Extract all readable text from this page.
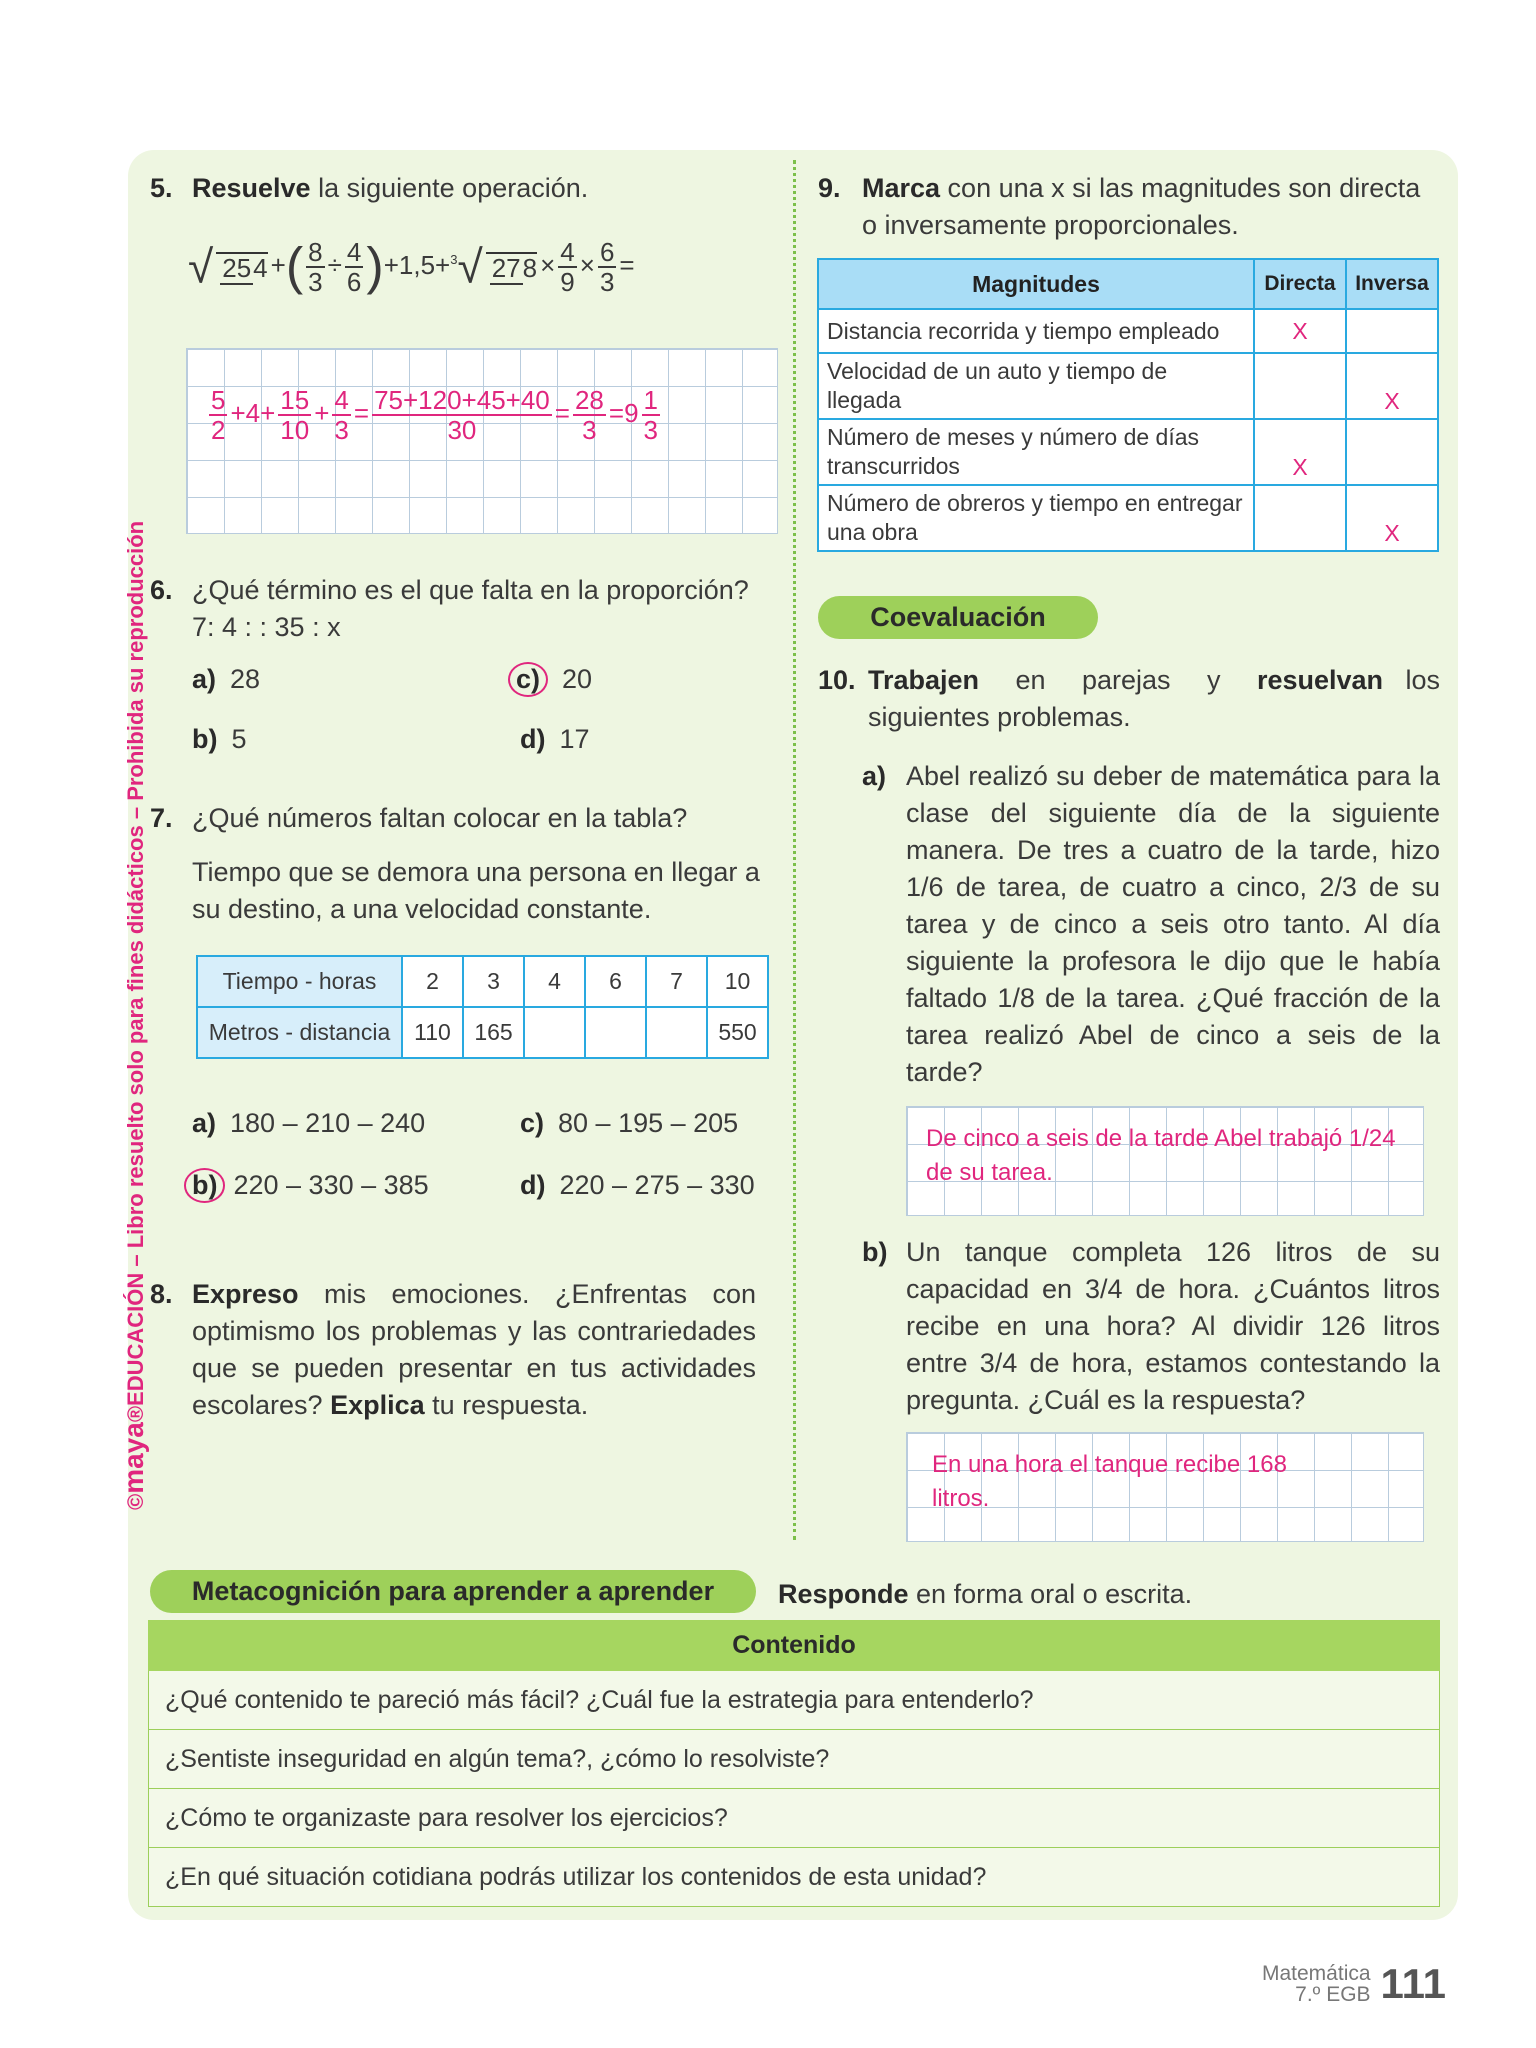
©maya®EDUCACIÓN – Libro resuelto solo para fines didácticos – Prohibida su reproducción
5. Resuelve la siguiente operación.
√ 254 +( $\frac{8}{3} \div \frac{4}{6} )+1,5+^3√$ $278 \times \frac{4}{9} \times \frac{6}{3}$ =
$\frac{5}{2} +4+ \frac{15}{10} + \frac{4}{3} = \frac{75+120+45+40}{30} = \frac{28}{3} =9 \frac{1}{3}$
6. ¿Qué término es el que falta en la proporción?
7: 4 : : 35 : x
a) 28
b) 5
c) 20
d) 17
7. ¿Qué números faltan colocar en la tabla?
Tiempo que se demora una persona en llegar a su destino, a una velocidad constante.
Tiempo - horas	2	3	4	6	7	10
Metros - distancia	110	165				550
a) 180 – 210 – 240
b) 220 – 330 – 385
c) 80 – 195 – 205
d) 220 – 275 – 330
8. Expreso mis emociones. ¿Enfrentas con optimismo los problemas y las contrariedades que se pueden presentar en tus actividades escolares? Explica tu respuesta.
9. Marca con una x si las magnitudes son directa o inversamente proporcionales.
Magnitudes	Directa	Inversa
Distancia recorrida y tiempo empleado	X	
Velocidad de un auto y tiempo de llegada		X
Número de meses y número de días transcurridos	X	
Número de obreros y tiempo en entregar una obra		X
Coevaluación
10. Trabajen en parejas y resuelvan los siguientes problemas.
a) Abel realizó su deber de matemática para la clase del siguiente día de la siguiente manera. De tres a cuatro de la tarde, hizo 1/6 de tarea, de cuatro a cinco, 2/3 de su tarea y de cinco a seis otro tanto. Al día siguiente la profesora le dijo que le había faltado 1/8 de la tarea. ¿Qué fracción de la tarea realizó Abel de cinco a seis de la tarde?
De cinco a seis de la tarde Abel trabajó 1/24 de su tarea.
b) Un tanque completa 126 litros de su capacidad en 3/4 de hora. ¿Cuántos litros recibe en una hora? Al dividir 126 litros entre 3/4 de hora, estamos contestando la pregunta. ¿Cuál es la respuesta?
En una hora el tanque recibe 168 litros.
Metacognición para aprender a aprender	Responde en forma oral o escrita.
Contenido
¿Qué contenido te pareció más fácil? ¿Cuál fue la estrategia para entenderlo?
¿Sentiste inseguridad en algún tema?, ¿cómo lo resolviste?
¿Cómo te organizaste para resolver los ejercicios?
¿En qué situación cotidiana podrás utilizar los contenidos de esta unidad?
Matemática
7.º EGB 111
